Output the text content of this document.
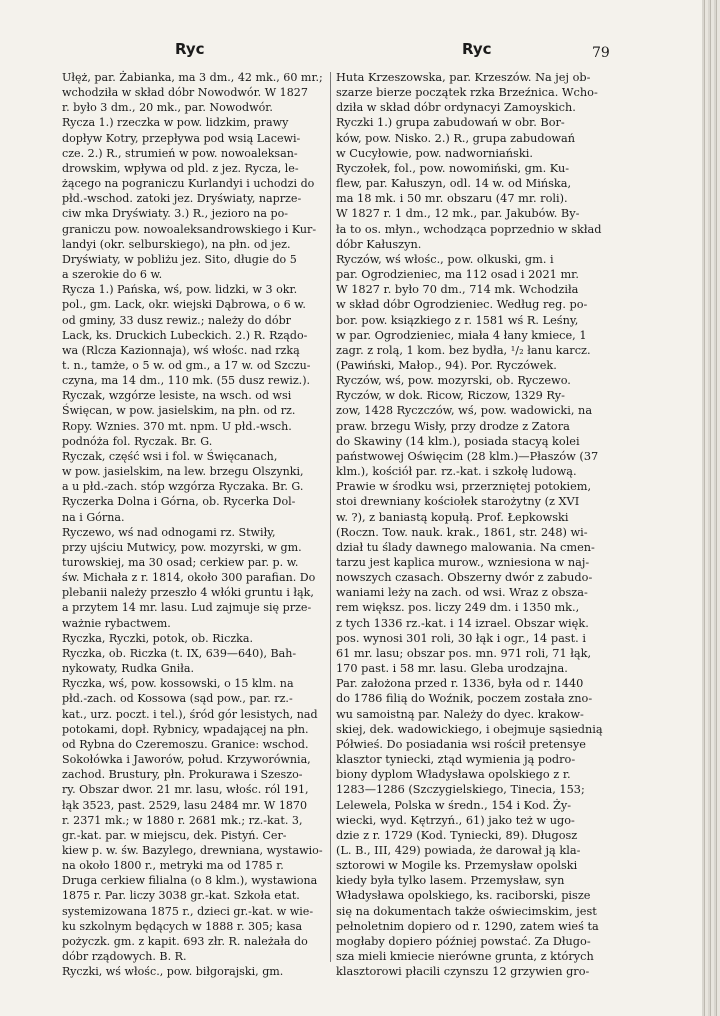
Ryc	Ryc	79
Ułęż, par. Żabianka, ma 3 dm., 42 mk., 60 mr.;
wchodziła w skład dóbr Nowodwór. W 1827
r. było 3 dm., 20 mk., par. Nowodwór.
Rycza 1.) rzeczka w pow. lidzkim, prawy
dopływ Kotry, przepływa pod wsią Lacewi-
cze. 2.) R., strumień w pow. nowoaleksan-
drowskim, wpływa od pld. z jez. Rycza, le-
żącego na pograniczu Kurlandyi i uchodzi do
płd.-wschod. zatoki jez. Dryświaty, naprze-
ciw mka Dryświaty. 3.) R., jezioro na po-
graniczu pow. nowoaleksandrowskiego i Kur-
landyi (okr. selburskiego), na płn. od jez.
Dryświaty, w pobliżu jez. Sito, długie do 5
a szerokie do 6 w.
Rycza 1.) Pańska, wś, pow. lidzki, w 3 okr.
pol., gm. Lack, okr. wiejski Dąbrowa, o 6 w.
od gminy, 33 dusz rewiz.; należy do dóbr
Lack, ks. Druckich Lubeckich. 2.) R. Rządo-
wa (Rlcza Kazionnaja), wś włośc. nad rzką
t. n., tamże, o 5 w. od gm., a 17 w. od Szczu-
czyna, ma 14 dm., 110 mk. (55 dusz rewiz.).
Ryczak, wzgórze lesiste, na wsch. od wsi
Święcan, w pow. jasielskim, na płn. od rz.
Ropy. Wznies. 370 mt. npm. U płd.-wsch.
podnóża fol. Ryczak. Br. G.
Ryczak, część wsi i fol. w Święcanach,
w pow. jasielskim, na lew. brzegu Olszynki,
a u płd.-zach. stóp wzgórza Ryczaka. Br. G.
Ryczerka Dolna i Górna, ob. Rycerka Dol-
na i Górna.
Ryczewo, wś nad odnogami rz. Stwiły,
przy ujściu Mutwicy, pow. mozyrski, w gm.
turowskiej, ma 30 osad; cerkiew par. p. w.
św. Michała z r. 1814, około 300 parafian. Do
plebanii należy przeszło 4 włóki gruntu i łąk,
a przytem 14 mr. lasu. Lud zajmuje się prze-
ważnie rybactwem.
Ryczka, Ryczki, potok, ob. Riczka.
Ryczka, ob. Riczka (t. IX, 639—640), Bah-
nykowaty, Rudka Gniła.
Ryczka, wś, pow. kossowski, o 15 klm. na
płd.-zach. od Kossowa (sąd pow., par. rz.-
kat., urz. poczt. i tel.), śród gór lesistych, nad
potokami, dopł. Rybnicy, wpadającej na płn.
od Rybna do Czeremoszu. Granice: wschod.
Sokołówka i Jaworów, połud. Krzyworównia,
zachod. Brustury, płn. Prokurawa i Szeszo-
ry. Obszar dwor. 21 mr. lasu, włośc. ról 191,
łąk 3523, past. 2529, lasu 2484 mr. W 1870
r. 2371 mk.; w 1880 r. 2681 mk.; rz.-kat. 3,
gr.-kat. par. w miejscu, dek. Pistyń. Cer-
kiew p. w. św. Bazylego, drewniana, wystawio-
na około 1800 r., metryki ma od 1785 r.
Druga cerkiew filialna (o 8 klm.), wystawiona
1875 r. Par. liczy 3038 gr.-kat. Szkoła etat.
systemizowana 1875 r., dzieci gr.-kat. w wie-
ku szkolnym będących w 1888 r. 305; kasa
pożyczk. gm. z kapit. 693 złr. R. należała do
dóbr rządowych. B. R.
Ryczki, wś włośc., pow. biłgorajski, gm.
Huta Krzeszowska, par. Krzeszów. Na jej ob-
szarze bierze początek rzka Brzeźnica. Wcho-
dziła w skład dóbr ordynacyi Zamoyskich.
Ryczki 1.) grupa zabudowań w obr. Bor-
ków, pow. Nisko. 2.) R., grupa zabudowań
w Cucyłowie, pow. nadworniański.
Ryczołek, fol., pow. nowomiński, gm. Ku-
flew, par. Kałuszyn, odl. 14 w. od Mińska,
ma 18 mk. i 50 mr. obszaru (47 mr. roli).
W 1827 r. 1 dm., 12 mk., par. Jakubów. By-
ła to os. młyn., wchodząca poprzednio w skład
dóbr Kałuszyn.
Ryczów, wś włośc., pow. olkuski, gm. i
par. Ogrodzieniec, ma 112 osad i 2021 mr.
W 1827 r. było 70 dm., 714 mk. Wchodziła
w skład dóbr Ogrodzieniec. Według reg. po-
bor. pow. ksiązkiego z r. 1581 wś R. Leśny,
w par. Ogrodzieniec, miała 4 łany kmiece, 1
zagr. z rolą, 1 kom. bez bydła, ¹/₂ łanu karcz.
(Pawiński, Małop., 94). Por. Ryczówek.
Ryczów, wś, pow. mozyrski, ob. Ryczewo.
Ryczów, w dok. Ricow, Riczow, 1329 Ry-
zow, 1428 Ryczczów, wś, pow. wadowicki, na
praw. brzegu Wisły, przy drodze z Zatora
do Skawiny (14 klm.), posiada stacyą kolei
państwowej Oświęcim (28 klm.)—Płaszów (37
klm.), kościół par. rz.-kat. i szkołę ludową.
Prawie w środku wsi, przerzniętej potokiem,
stoi drewniany kościołek starożytny (z XVI
w. ?), z baniastą kopułą. Prof. Łepkowski
(Roczn. Tow. nauk. krak., 1861, str. 248) wi-
dział tu ślady dawnego malowania. Na cmen-
tarzu jest kaplica murow., wzniesiona w naj-
nowszych czasach. Obszerny dwór z zabudo-
waniami leży na zach. od wsi. Wraz z obsza-
rem większ. pos. liczy 249 dm. i 1350 mk.,
z tych 1336 rz.-kat. i 14 izrael. Obszar więk.
pos. wynosi 301 roli, 30 łąk i ogr., 14 past. i
61 mr. lasu; obszar pos. mn. 971 roli, 71 łąk,
170 past. i 58 mr. lasu. Gleba urodzajna.
Par. założona przed r. 1336, była od r. 1440
do 1786 filią do Woźnik, poczem została zno-
wu samoistną par. Należy do dyec. krakow-
skiej, dek. wadowickiego, i obejmuje sąsiednią
Półwieś. Do posiadania wsi rościł pretensye
klasztor tyniecki, ztąd wymienia ją podro-
biony dyplom Władysława opolskiego z r.
1283—1286 (Szczygielskiego, Tinecia, 153;
Lelewela, Polska w średn., 154 i Kod. Ży-
wiecki, wyd. Kętrzyń., 61) jako też w ugo-
dzie z r. 1729 (Kod. Tyniecki, 89). Długosz
(L. B., III, 429) powiada, że darował ją kla-
sztorowi w Mogile ks. Przemysław opolski
kiedy była tylko lasem. Przemysław, syn
Władysława opolskiego, ks. raciborski, pisze
się na dokumentach także oświecimskim, jest
pełnoletnim dopiero od r. 1290, zatem wieś ta
mogłaby dopiero później powstać. Za Długo-
sza mieli kmiecie nierówne grunta, z których
klasztorowi płacili czynszu 12 grzywien gro-
